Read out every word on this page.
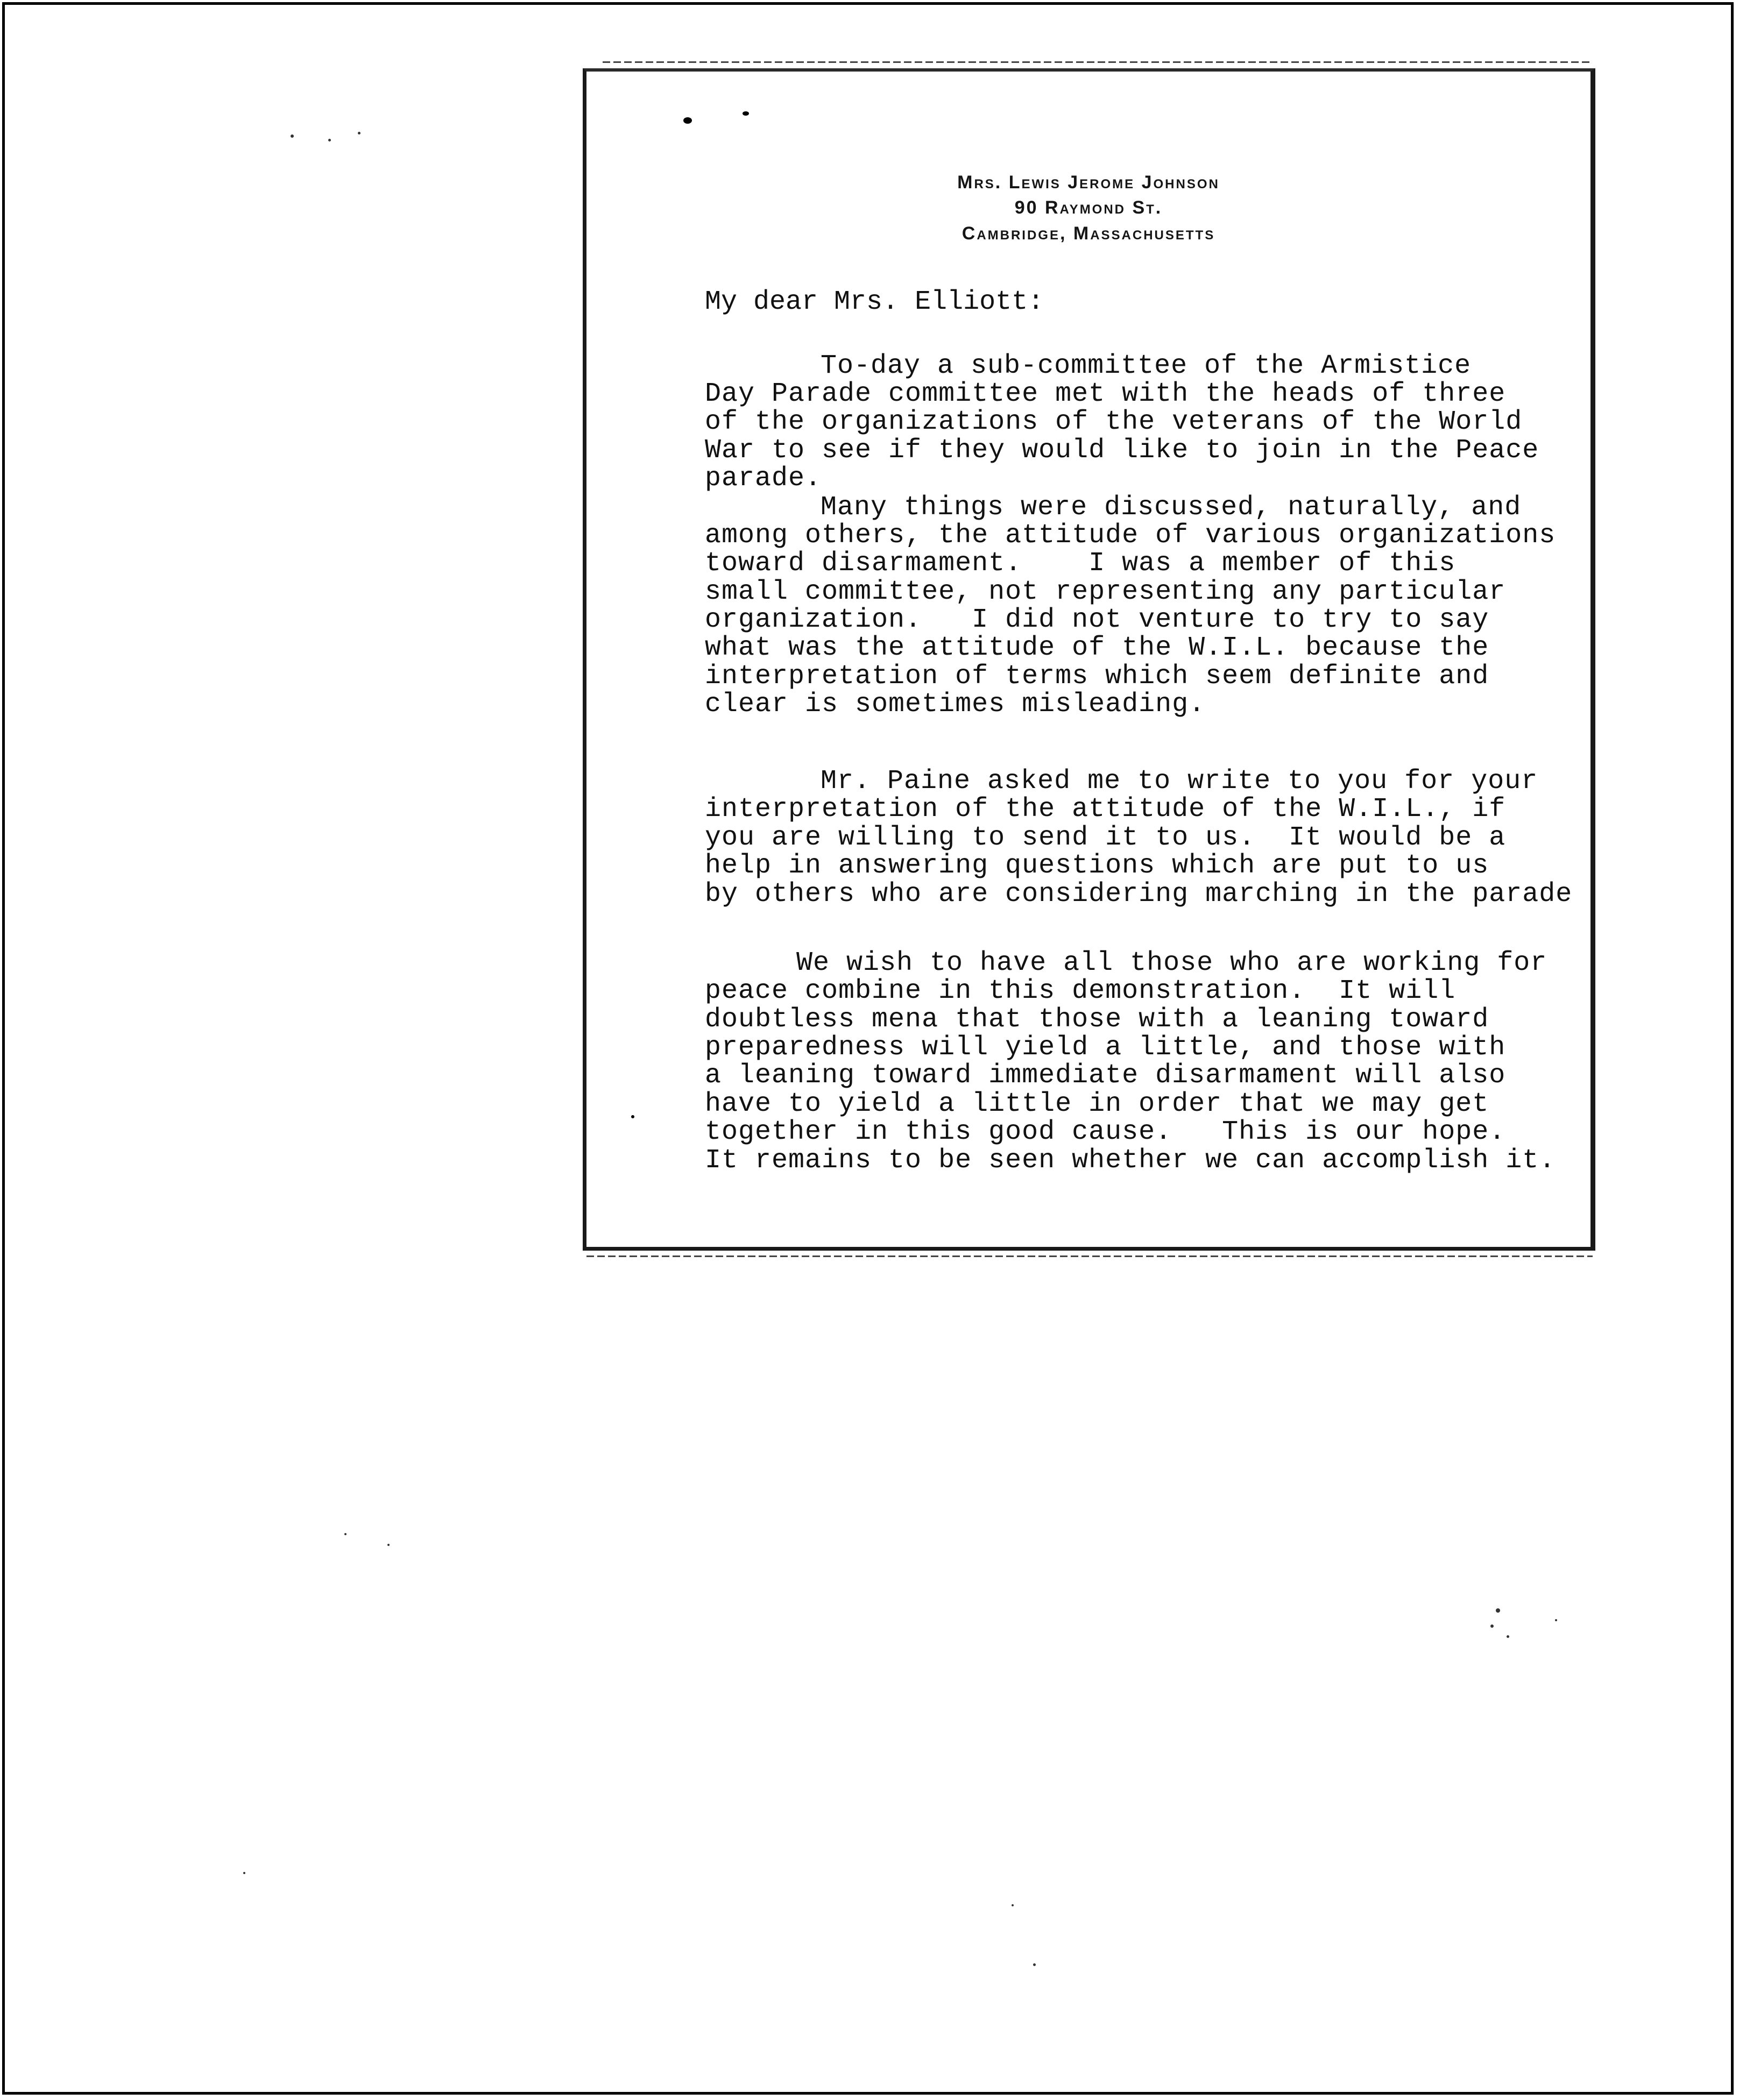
Mrs. Lewis Jerome Johnson
90 Raymond St.
Cambridge, Massachusetts
My dear Mrs. Elliott:
To-day a sub-committee of the Armistice
Day Parade committee met with the heads of three
of the organizations of the veterans of the World
War to see if they would like to join in the Peace
parade.
Many things were discussed, naturally, and
among others, the attitude of various organizations
toward disarmament.    I was a member of this
small committee, not representing any particular
organization.   I did not venture to try to say
what was the attitude of the W.I.L. because the
interpretation of terms which seem definite and
clear is sometimes misleading.
Mr. Paine asked me to write to you for your
interpretation of the attitude of the W.I.L., if
you are willing to send it to us.  It would be a
help in answering questions which are put to us
by others who are considering marching in the parade
We wish to have all those who are working for
peace combine in this demonstration.  It will
doubtless mena that those with a leaning toward
preparedness will yield a little, and those with
a leaning toward immediate disarmament will also
have to yield a little in order that we may get
together in this good cause.   This is our hope.
It remains to be seen whether we can accomplish it.
